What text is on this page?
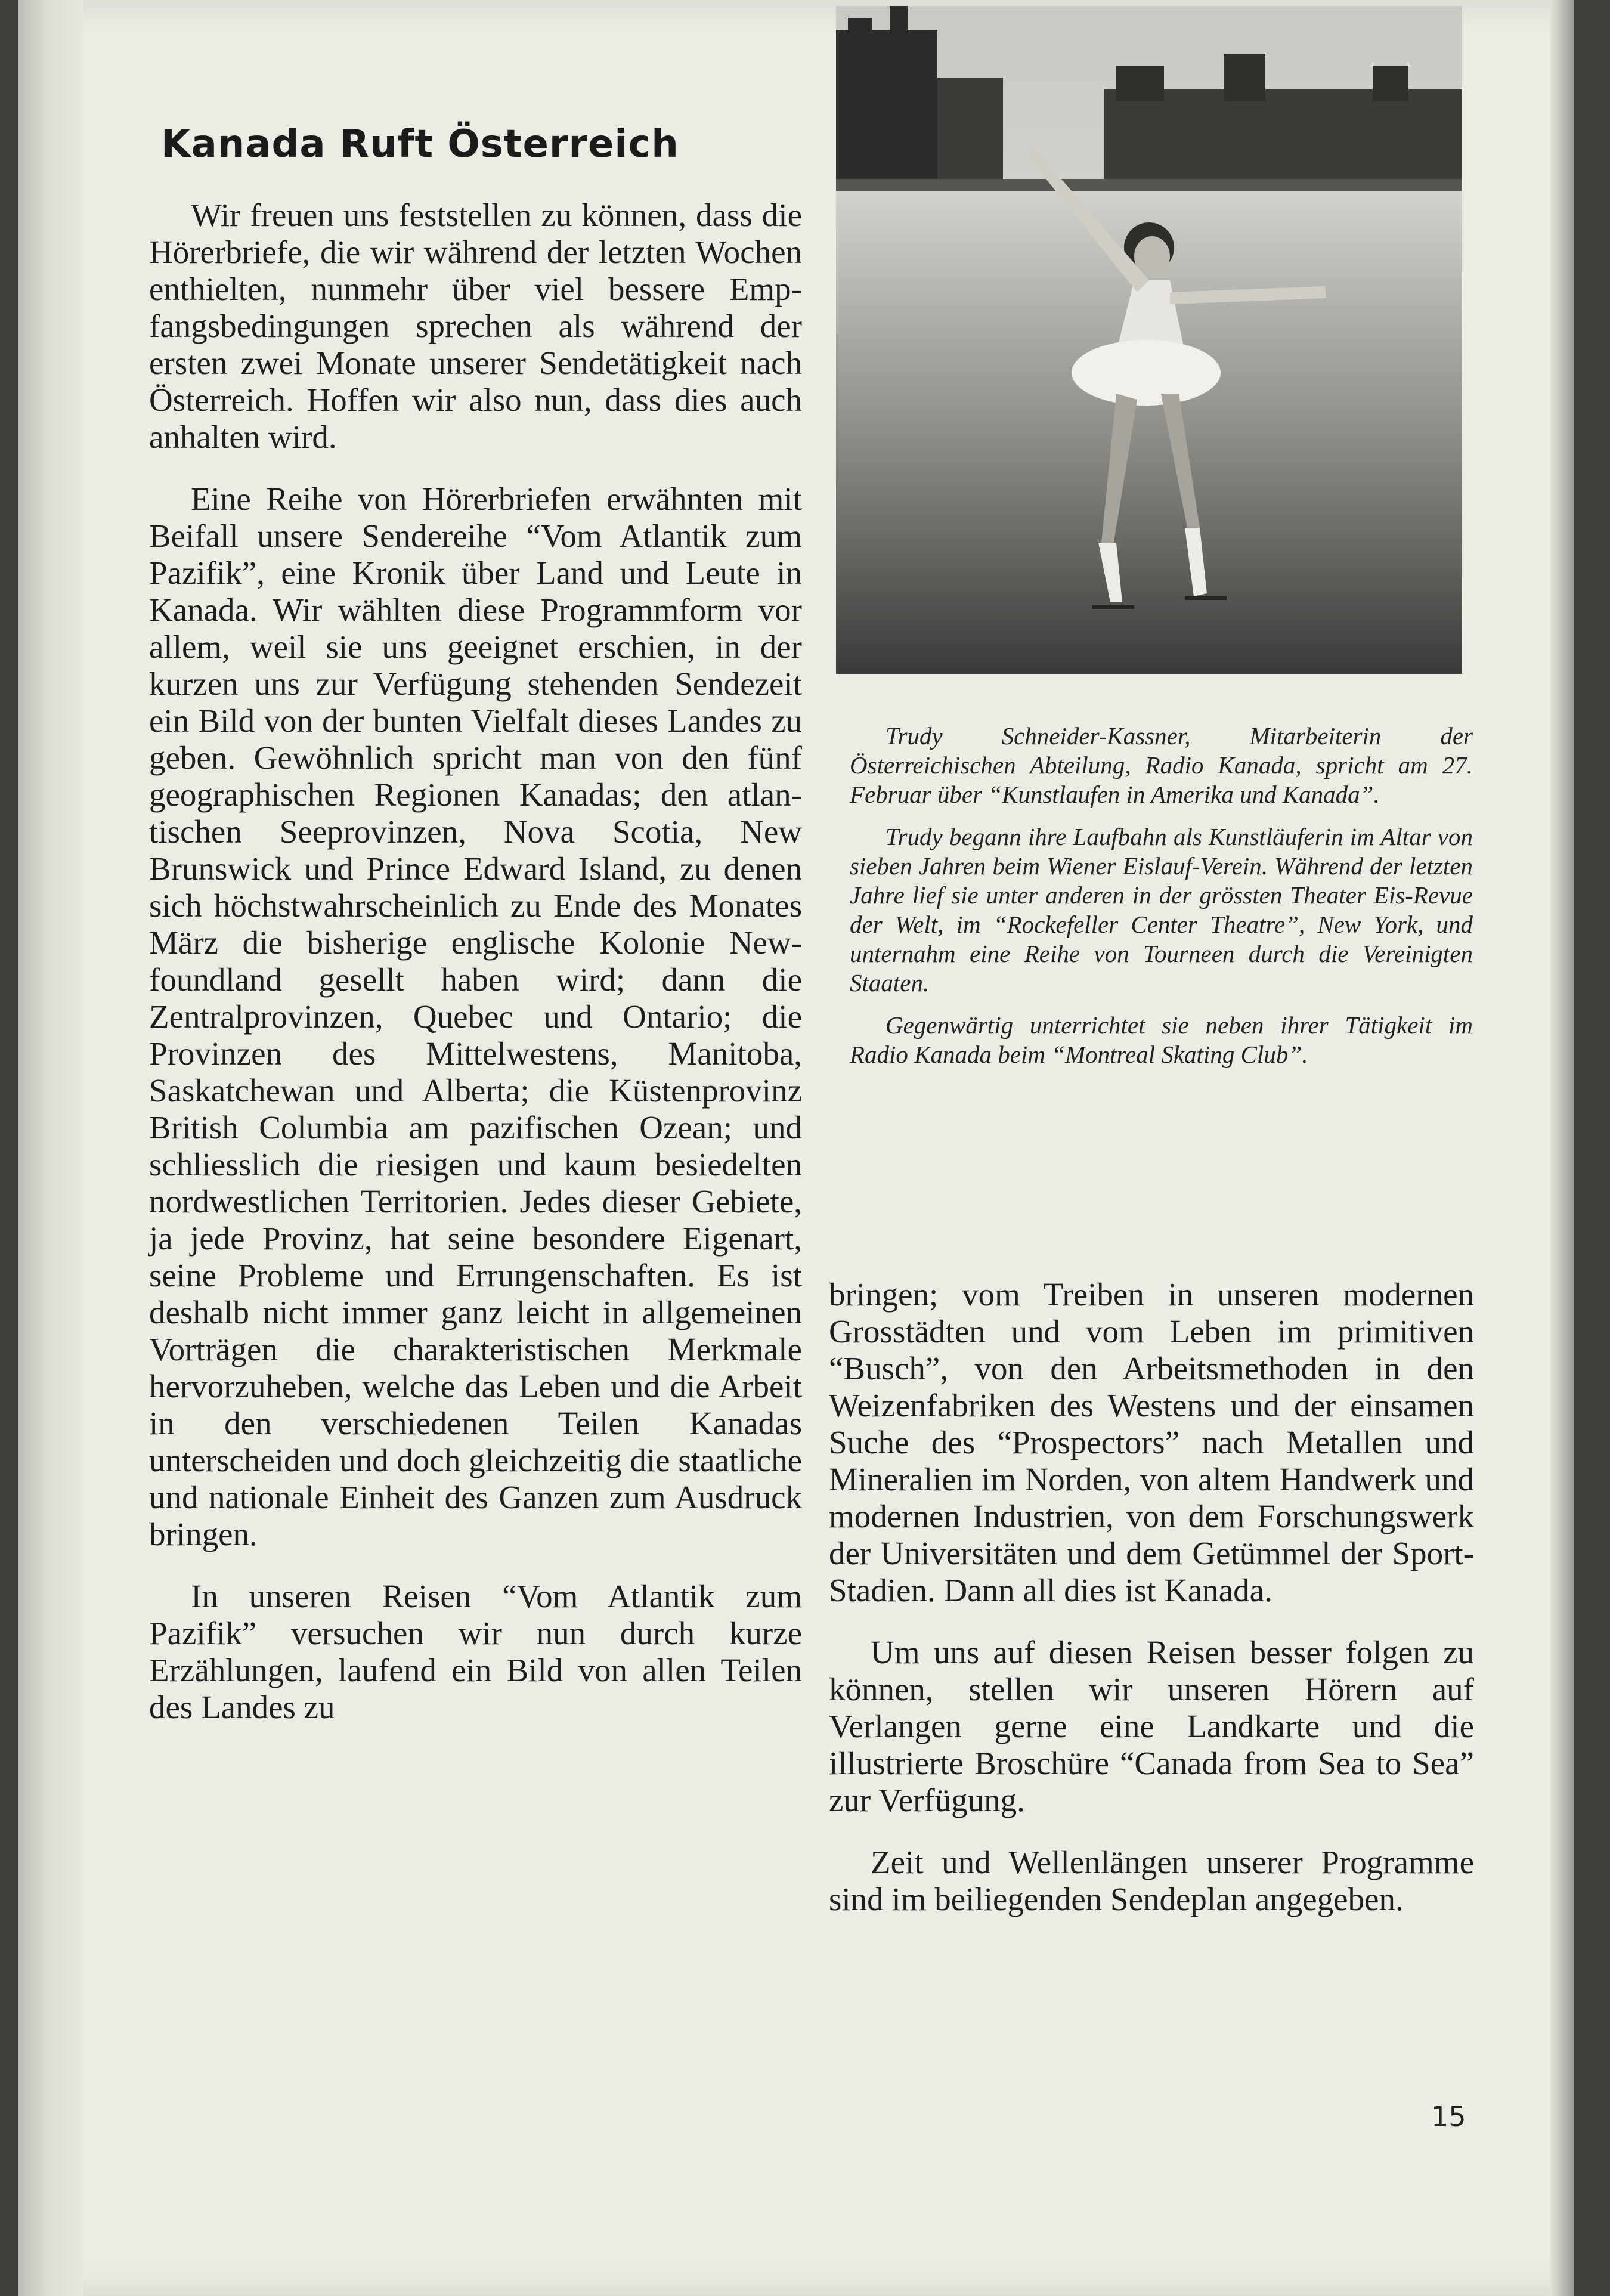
Kanada Ruft Österreich

Wir freuen uns feststellen zu können, dass die Hörerbriefe, die wir während der letzten Wochen enthielten, nunmehr über viel bessere Empfangsbedingungen sprechen als während der ersten zwei Monate unserer Sendetätigkeit nach Österreich. Hoffen wir also nun, dass dies auch anhalten wird.

Eine Reihe von Hörerbriefen erwähnten mit Beifall unsere Sendereihe “Vom Atlantik zum Pazifik”, eine Kronik über Land und Leute in Kanada. Wir wählten diese Programmform vor allem, weil sie uns geeignet erschien, in der kurzen uns zur Verfügung stehenden Sendezeit ein Bild von der bunten Vielfalt dieses Landes zu geben. Gewöhnlich spricht man von den fünf geographischen Regionen Kanadas; den atlantischen Seeprovinzen, Nova Scotia, New Brunswick und Prince Edward Island, zu denen sich höchstwahrscheinlich zu Ende des Monates März die bisherige englische Kolonie Newfoundland gesellt haben wird; dann die Zentralprovinzen, Quebec und Ontario; die Provinzen des Mittelwestens, Manitoba, Saskatchewan und Alberta; die Küstenprovinz British Columbia am pazifischen Ozean; und schliesslich die riesigen und kaum besiedelten nordwestlichen Territorien. Jedes dieser Gebiete, ja jede Provinz, hat seine besondere Eigenart, seine Probleme und Errungenschaften. Es ist deshalb nicht immer ganz leicht in allgemeinen Vorträgen die charakteristischen Merkmale hervorzuheben, welche das Leben und die Arbeit in den verschiedenen Teilen Kanadas unterscheiden und doch gleichzeitig die staatliche und nationale Einheit des Ganzen zum Ausdruck bringen.

In unseren Reisen “Vom Atlantik zum Pazifik” versuchen wir nun durch kurze Erzählungen, laufend ein Bild von allen Teilen des Landes zu

Trudy Schneider-Kassner, Mitarbeiterin der Österreichischen Abteilung, Radio Kanada, spricht am 27. Februar über “Kunstlaufen in Amerika und Kanada”.

Trudy begann ihre Laufbahn als Kunstläuferin im Altar von sieben Jahren beim Wiener Eislauf-Verein. Während der letzten Jahre lief sie unter anderen in der grössten Theater Eis-Revue der Welt, im “Rockefeller Center Theatre”, New York, und unternahm eine Reihe von Tourneen durch die Vereinigten Staaten.

Gegenwärtig unterrichtet sie neben ihrer Tätigkeit im Radio Kanada beim “Montreal Skating Club”.

bringen; vom Treiben in unseren modernen Grosstädten und vom Leben im primitiven “Busch”, von den Arbeitsmethoden in den Weizenfabriken des Westens und der einsamen Suche des “Prospectors” nach Metallen und Mineralien im Norden, von altem Handwerk und modernen Industrien, von dem Forschungswerk der Universitäten und dem Getümmel der Sport-Stadien. Dann all dies ist Kanada.

Um uns auf diesen Reisen besser folgen zu können, stellen wir unseren Hörern auf Verlangen gerne eine Landkarte und die illustrierte Broschüre “Canada from Sea to Sea” zur Verfügung.

Zeit und Wellenlängen unserer Programme sind im beiliegenden Sendeplan angegeben.

15
